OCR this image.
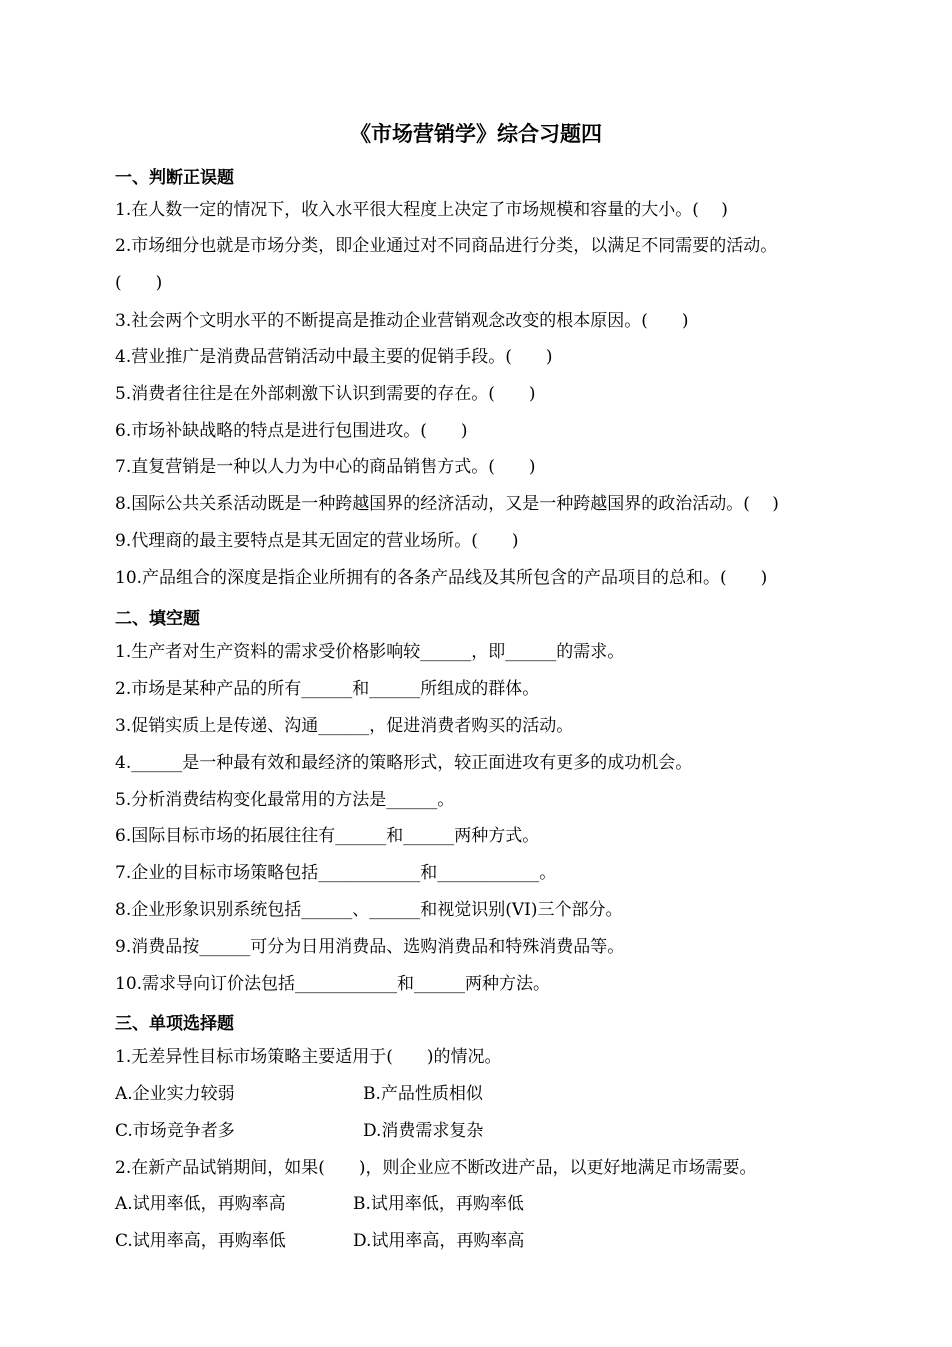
《市场营销学》综合习题四
一、判断正误题
1.在人数一定的情况下，收入水平很大程度上决定了市场规模和容量的大小。(　 )
2.市场细分也就是市场分类，即企业通过对不同商品进行分类，以满足不同需要的活动。
(　　)
3.社会两个文明水平的不断提高是推动企业营销观念改变的根本原因。(　　)
4.营业推广是消费品营销活动中最主要的促销手段。(　　)
5.消费者往往是在外部刺激下认识到需要的存在。(　　)
6.市场补缺战略的特点是进行包围进攻。(　　)
7.直复营销是一种以人力为中心的商品销售方式。(　　)
8.国际公共关系活动既是一种跨越国界的经济活动，又是一种跨越国界的政治活动。(　 )
9.代理商的最主要特点是其无固定的营业场所。(　　)
10.产品组合的深度是指企业所拥有的各条产品线及其所包含的产品项目的总和。(　　)
二、填空题
1.生产者对生产资料的需求受价格影响较______，即______的需求。
2.市场是某种产品的所有______和______所组成的群体。
3.促销实质上是传递、沟通______，促进消费者购买的活动。
4.______是一种最有效和最经济的策略形式，较正面进攻有更多的成功机会。
5.分析消费结构变化最常用的方法是______。
6.国际目标市场的拓展往往有______和______两种方式。
7.企业的目标市场策略包括____________和____________。
8.企业形象识别系统包括______、______和视觉识别(VI)三个部分。
9.消费品按______可分为日用消费品、选购消费品和特殊消费品等。
10.需求导向订价法包括____________和______两种方法。
三、单项选择题
1.无差异性目标市场策略主要适用于(　　)的情况。
A.企业实力较弱	B.产品性质相似
C.市场竞争者多	D.消费需求复杂
2.在新产品试销期间，如果(　　)，则企业应不断改进产品，以更好地满足市场需要。
A.试用率低，再购率高	B.试用率低，再购率低
C.试用率高，再购率低	D.试用率高，再购率高
